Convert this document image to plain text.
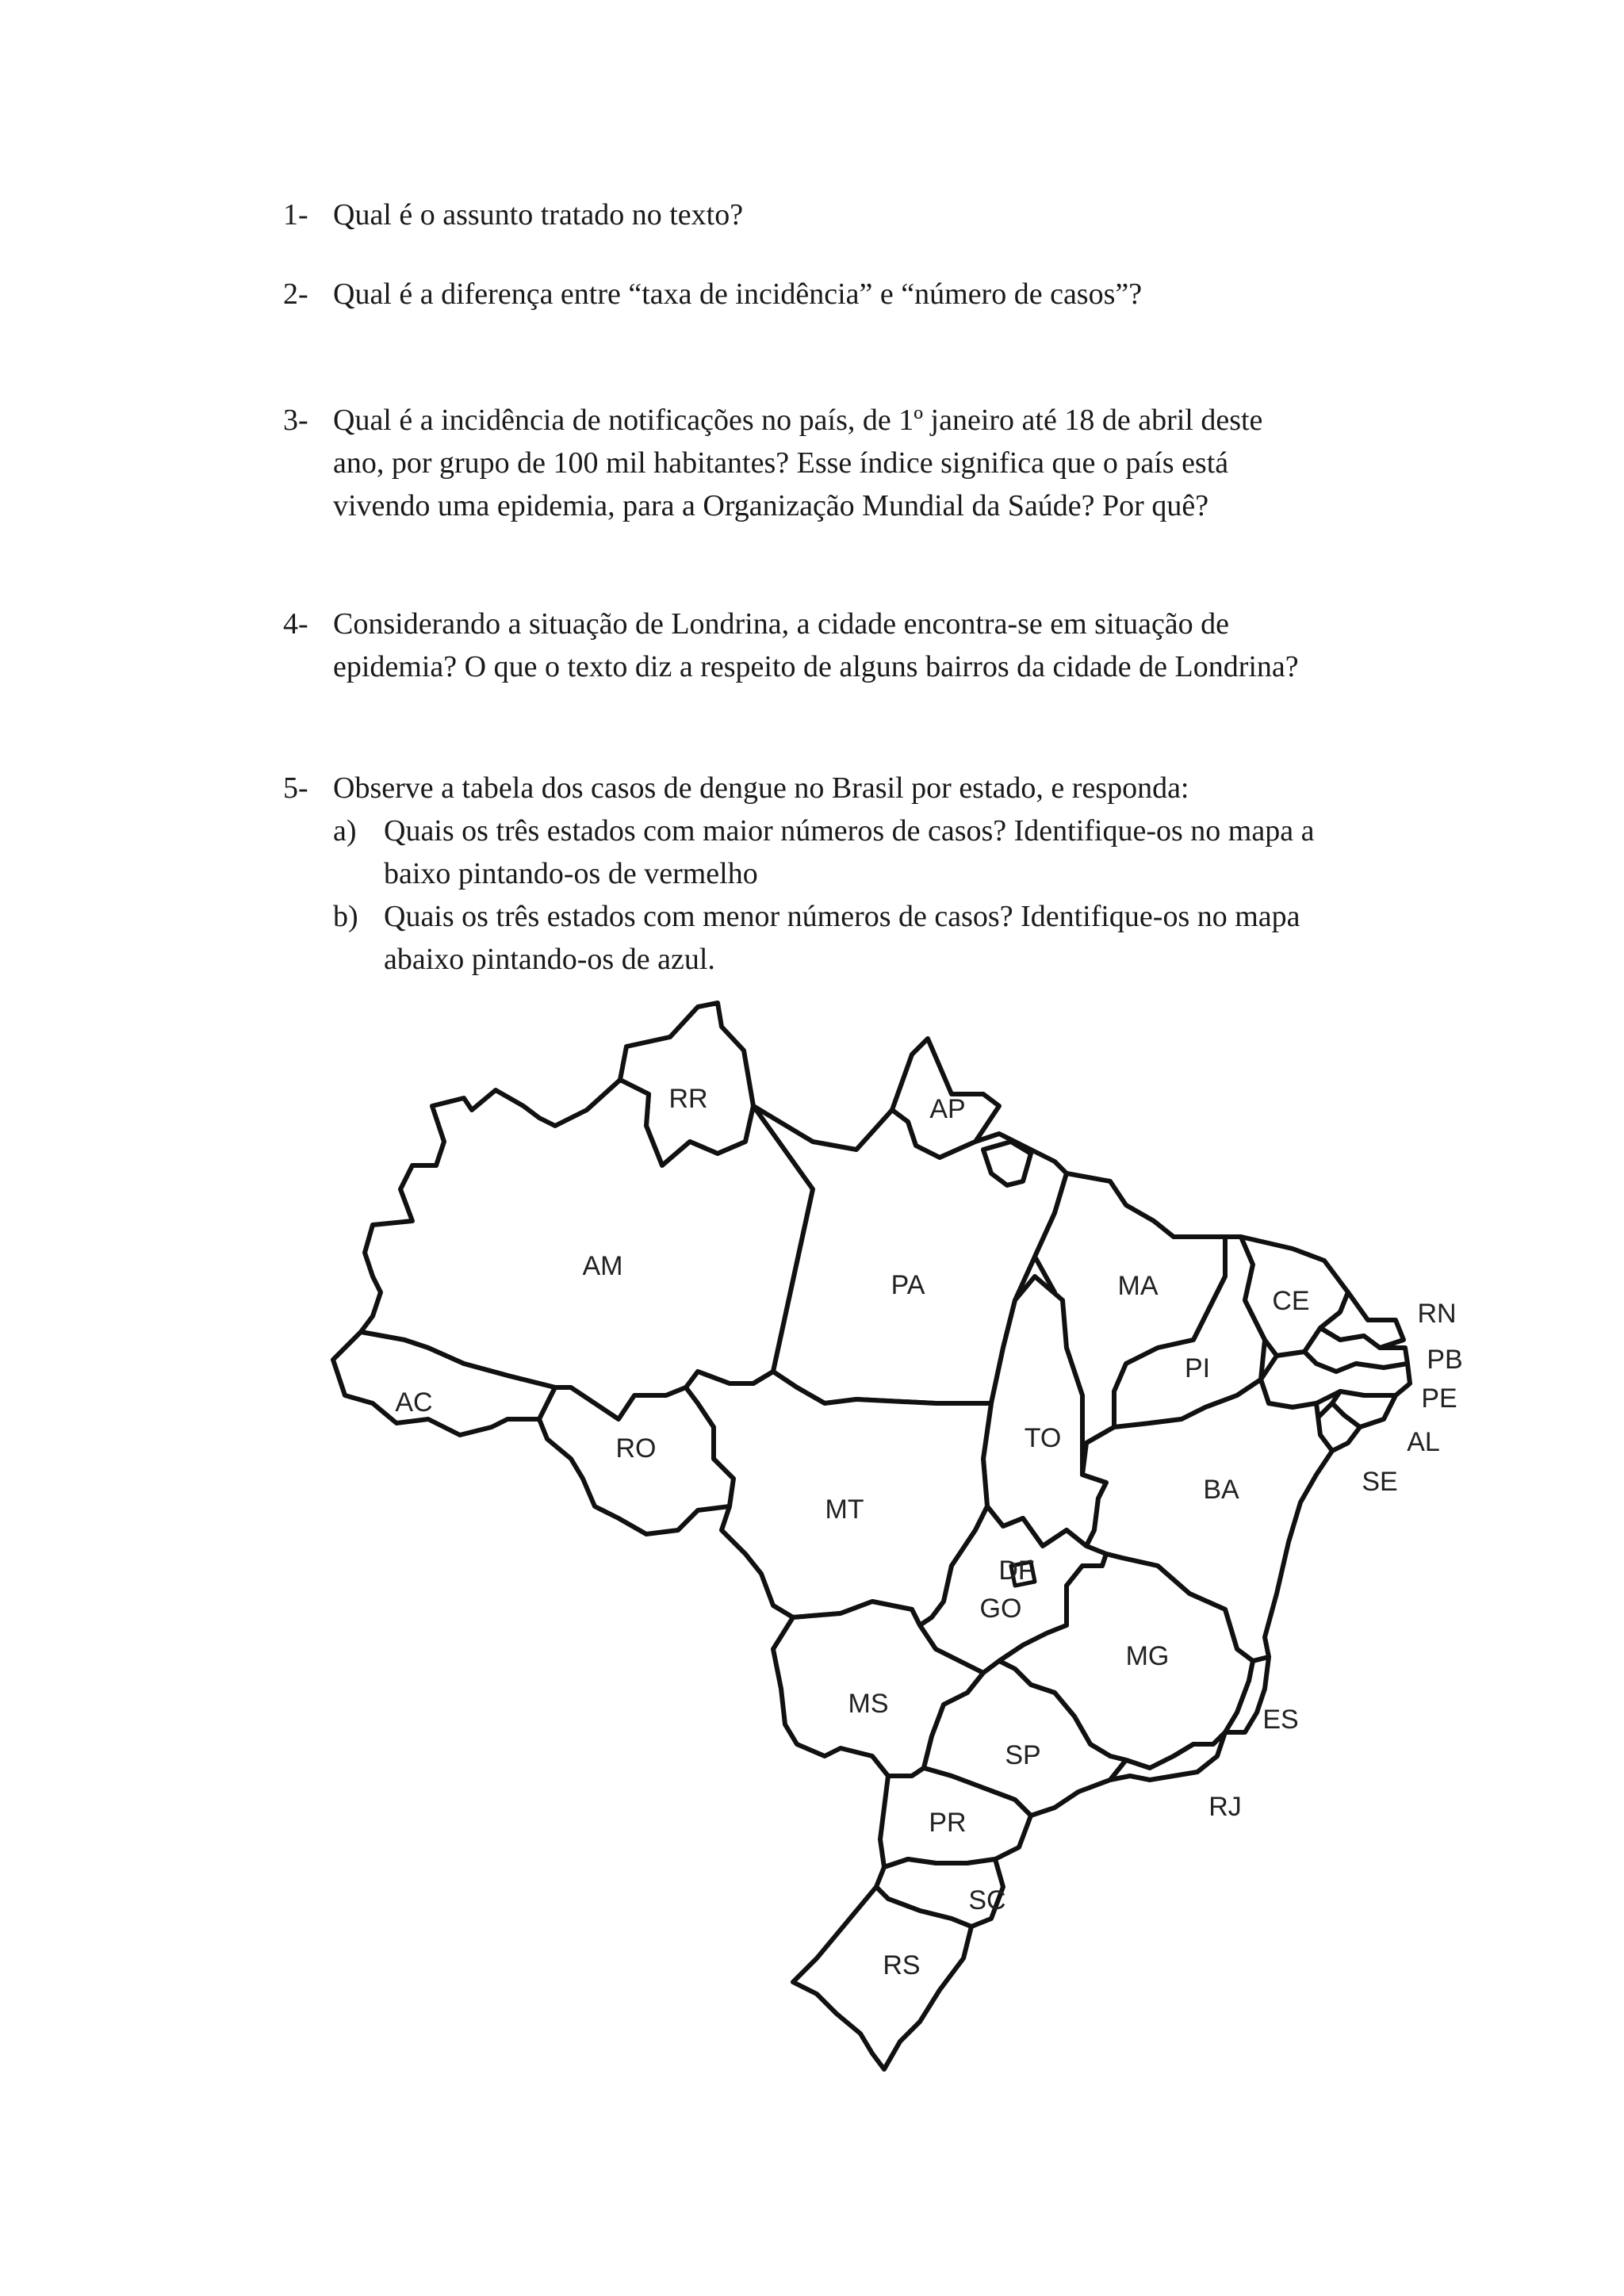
1- Qual é o assunto tratado no texto?
2- Qual é a diferença entre “taxa de incidência” e “número de casos”?
3- Qual é a incidência de notificações no país, de 1º janeiro até 18 de abril deste
ano, por grupo de 100 mil habitantes? Esse índice significa que o país está
vivendo uma epidemia, para a Organização Mundial da Saúde? Por quê?
4- Considerando a situação de Londrina, a cidade encontra-se em situação de
epidemia? O que o texto diz a respeito de alguns bairros da cidade de Londrina?
5- Observe a tabela dos casos de dengue no Brasil por estado, e responda:
a) Quais os três estados com maior números de casos? Identifique-os no mapa a
baixo pintando-os de vermelho
b) Quais os três estados com menor números de casos? Identifique-os no mapa
abaixo pintando-os de azul.
RR	AP
AM
PA	MA	CE	RN
PB
PE
AL
SE
PI
AC
RO	TO
BA
MT
DF
GO
MG
ES
MS
SP
RJ
PR
SC
RS
